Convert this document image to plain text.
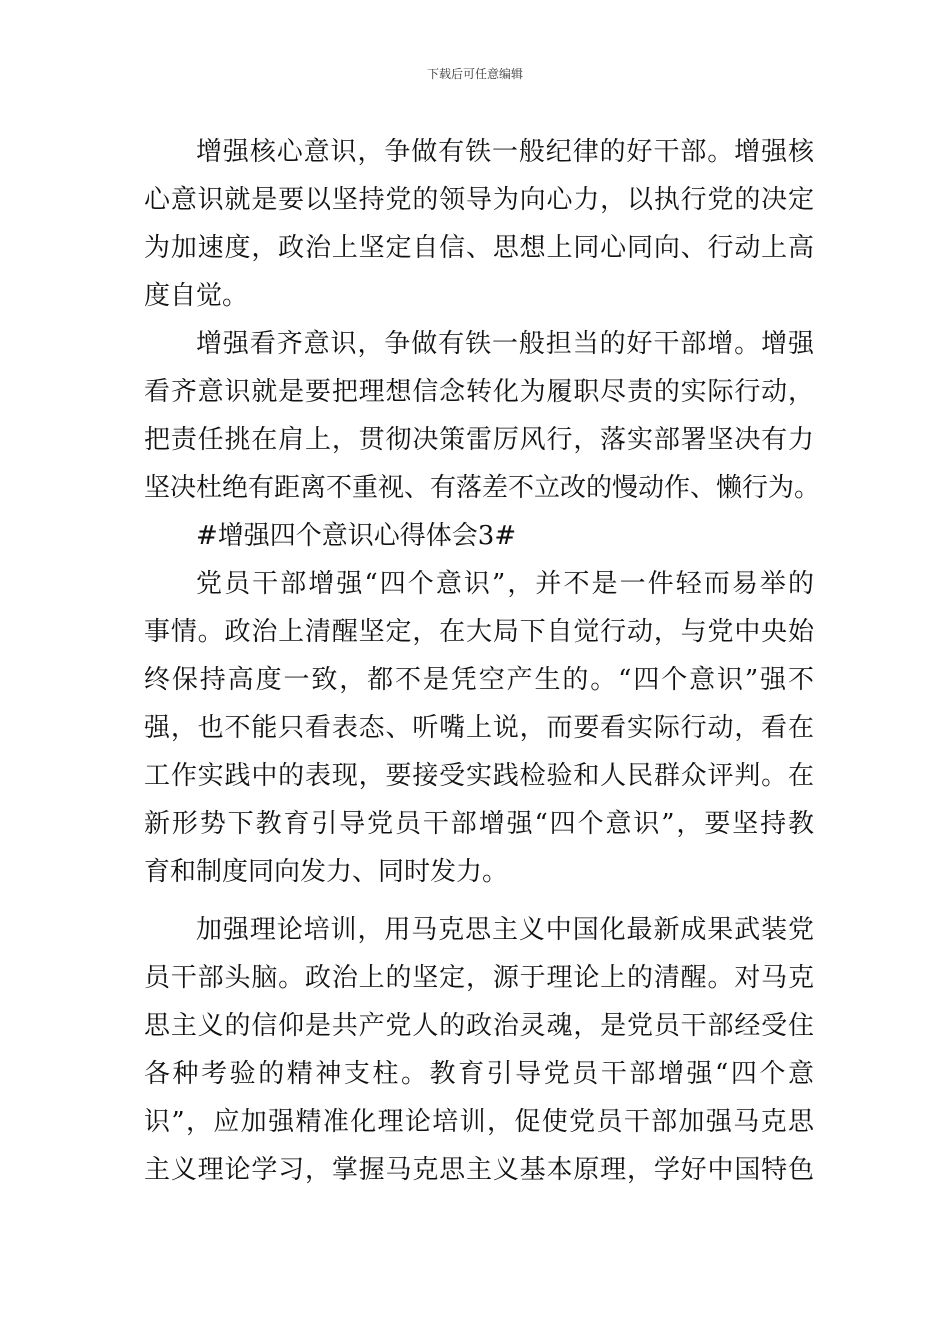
下载后可任意编辑
增强核心意识，争做有铁一般纪律的好干部。增强核
心意识就是要以坚持党的领导为向心力，以执行党的决定
为加速度，政治上坚定自信、思想上同心同向、行动上高
度自觉。
增强看齐意识，争做有铁一般担当的好干部增。增强
看齐意识就是要把理想信念转化为履职尽责的实际行动，
把责任挑在肩上，贯彻决策雷厉风行，落实部署坚决有力
坚决杜绝有距离不重视、有落差不立改的慢动作、懒行为。
#增强四个意识心得体会3#
党员干部增强“四个意识”，并不是一件轻而易举的
事情。政治上清醒坚定，在大局下自觉行动，与党中央始
终保持高度一致，都不是凭空产生的。“四个意识”强不
强，也不能只看表态、听嘴上说，而要看实际行动，看在
工作实践中的表现，要接受实践检验和人民群众评判。在
新形势下教育引导党员干部增强“四个意识”，要坚持教
育和制度同向发力、同时发力。
加强理论培训，用马克思主义中国化最新成果武装党
员干部头脑。政治上的坚定，源于理论上的清醒。对马克
思主义的信仰是共产党人的政治灵魂，是党员干部经受住
各种考验的精神支柱。教育引导党员干部增强“四个意
识”，应加强精准化理论培训，促使党员干部加强马克思
主义理论学习，掌握马克思主义基本原理，学好中国特色
